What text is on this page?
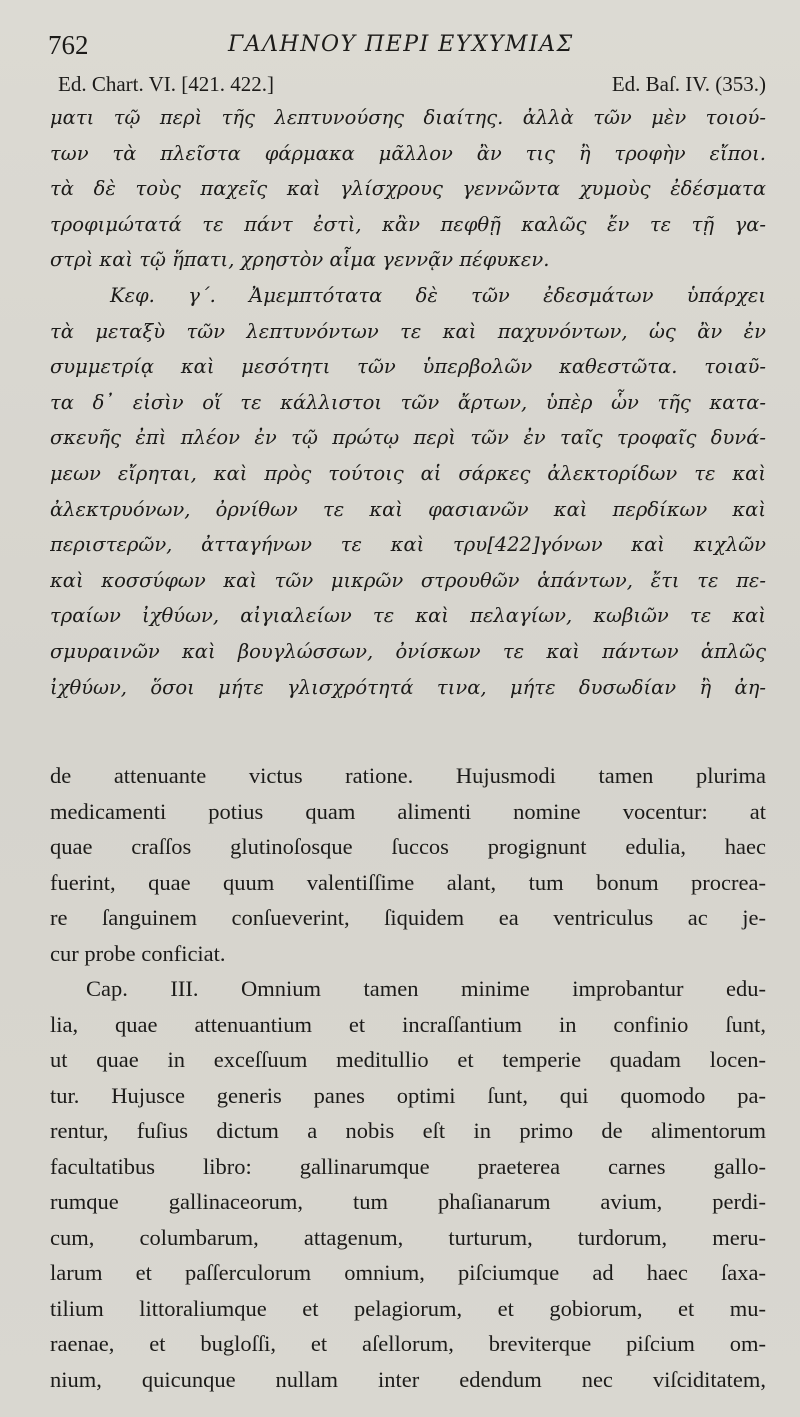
762	ΓΑΛΗΝΟΥ ΠΕΡΙ ΕΥΧΥΜΙΑΣ
Ed. Chart. VI. [421. 422.]	Ed. Baſ. IV. (353.)
ματι τῷ περὶ τῆς λεπτυνούσης διαίτης. ἀλλὰ τῶν μὲν τοιού-
των τὰ πλεῖστα φάρμακα μᾶλλον ἂν τις ἢ τροφὴν εἴποι.
τὰ δὲ τοὺς παχεῖς καὶ γλίσχρους γεννῶντα χυμοὺς ἐδέσματα
τροφιμώτατά τε πάντ ἐστὶ, κἂν πεφθῇ καλῶς ἔν τε τῇ γα-
στρὶ καὶ τῷ ἥπατι, χρηστὸν αἷμα γεννᾷν πέφυκεν.
Κεφ. γ΄. Ἀμεμπτότατα δὲ τῶν ἐδεσμάτων ὑπάρχει
τὰ μεταξὺ τῶν λεπτυνόντων τε καὶ παχυνόντων, ὡς ἂν ἐν
συμμετρίᾳ καὶ μεσότητι τῶν ὑπερβολῶν καθεστῶτα. τοιαῦ-
τα δ᾽ εἰσὶν οἵ τε κάλλιστοι τῶν ἄρτων, ὑπὲρ ὧν τῆς κατα-
σκευῆς ἐπὶ πλέον ἐν τῷ πρώτῳ περὶ τῶν ἐν ταῖς τροφαῖς δυνά-
μεων εἴρηται, καὶ πρὸς τούτοις αἱ σάρκες ἀλεκτορίδων τε καὶ
ἀλεκτρυόνων, ὀρνίθων τε καὶ φασιανῶν καὶ περδίκων καὶ
περιστερῶν, ἀτταγήνων τε καὶ τρυ[422]γόνων καὶ κιχλῶν
καὶ κοσσύφων καὶ τῶν μικρῶν στρουθῶν ἁπάντων, ἔτι τε πε-
τραίων ἰχθύων, αἰγιαλείων τε καὶ πελαγίων, κωβιῶν τε καὶ
σμυραινῶν καὶ βουγλώσσων, ὀνίσκων τε καὶ πάντων ἁπλῶς
ἰχθύων, ὅσοι μήτε γλισχρότητά τινα, μήτε δυσωδίαν ἢ ἀη-
de attenuante victus ratione. Hujusmodi tamen plurima
medicamenti potius quam alimenti nomine vocentur: at
quae craſſos glutinoſosque ſuccos progignunt edulia, haec
fuerint, quae quum valentiſſime alant, tum bonum procrea-
re ſanguinem conſueverint, ſiquidem ea ventriculus ac je-
cur probe conficiat.
Cap. III. Omnium tamen minime improbantur edu-
lia, quae attenuantium et incraſſantium in confinio ſunt,
ut quae in exceſſuum meditullio et temperie quadam locen-
tur. Hujusce generis panes optimi ſunt, qui quomodo pa-
rentur, fuſius dictum a nobis eſt in primo de alimentorum
facultatibus libro: gallinarumque praeterea carnes gallo-
rumque gallinaceorum, tum phaſianarum avium, perdi-
cum, columbarum, attagenum, turturum, turdorum, meru-
larum et paſſerculorum omnium, piſciumque ad haec ſaxa-
tilium littoraliumque et pelagiorum, et gobiorum, et mu-
raenae, et bugloſſi, et aſellorum, breviterque piſcium om-
nium, quicunque nullam inter edendum nec viſciditatem,
